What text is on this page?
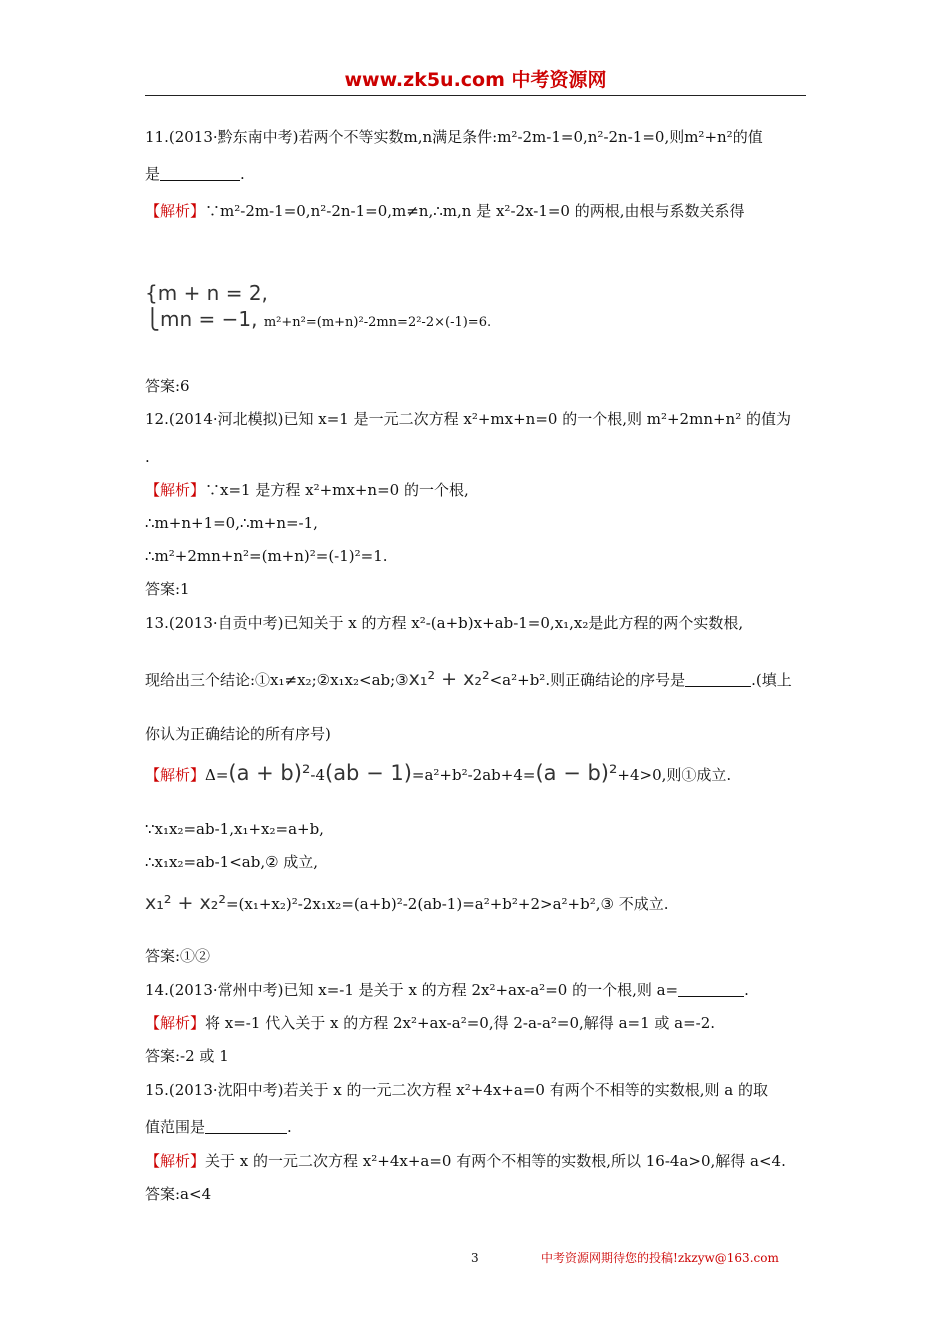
www.zk5u.com 中考资源网
11.(2013·黔东南中考)若两个不等实数m,n满足条件:m²-2m-1=0,n²-2n-1=0,则m²+n²的值
是	.
【解析】∵m²-2m-1=0,n²-2n-1=0,m≠n,∴m,n 是 x²-2x-1=0 的两根,由根与系数关系得
{m + n = 2,
⎩mn = −1, m²+n²=(m+n)²-2mn=2²-2×(-1)=6.
答案:6
12.(2014·河北模拟)已知 x=1 是一元二次方程 x²+mx+n=0 的一个根,则 m²+2mn+n² 的值为
.
【解析】∵x=1 是方程 x²+mx+n=0 的一个根,
∴m+n+1=0,∴m+n=-1,
∴m²+2mn+n²=(m+n)²=(-1)²=1.
答案:1
13.(2013·自贡中考)已知关于 x 的方程 x²-(a+b)x+ab-1=0,x₁,x₂是此方程的两个实数根,
现给出三个结论:①x₁≠x₂;②x₁x₂<ab;③x₁² + x₂²<a²+b².则正确结论的序号是	.(填上
你认为正确结论的所有序号)
【解析】Δ=(a + b)²-4(ab − 1)=a²+b²-2ab+4=(a − b)²+4>0,则①成立.
∵x₁x₂=ab-1,x₁+x₂=a+b,
∴x₁x₂=ab-1<ab,② 成立,
x₁² + x₂²=(x₁+x₂)²-2x₁x₂=(a+b)²-2(ab-1)=a²+b²+2>a²+b²,③ 不成立.
答案:①②
14.(2013·常州中考)已知 x=-1 是关于 x 的方程 2x²+ax-a²=0 的一个根,则 a=	.
【解析】将 x=-1 代入关于 x 的方程 2x²+ax-a²=0,得 2-a-a²=0,解得 a=1 或 a=-2.
答案:-2 或 1
15.(2013·沈阳中考)若关于 x 的一元二次方程 x²+4x+a=0 有两个不相等的实数根,则 a 的取
值范围是	.
【解析】关于 x 的一元二次方程 x²+4x+a=0 有两个不相等的实数根,所以 16-4a>0,解得 a<4.
答案:a<4
3	中考资源网期待您的投稿!zkzyw@163.com
